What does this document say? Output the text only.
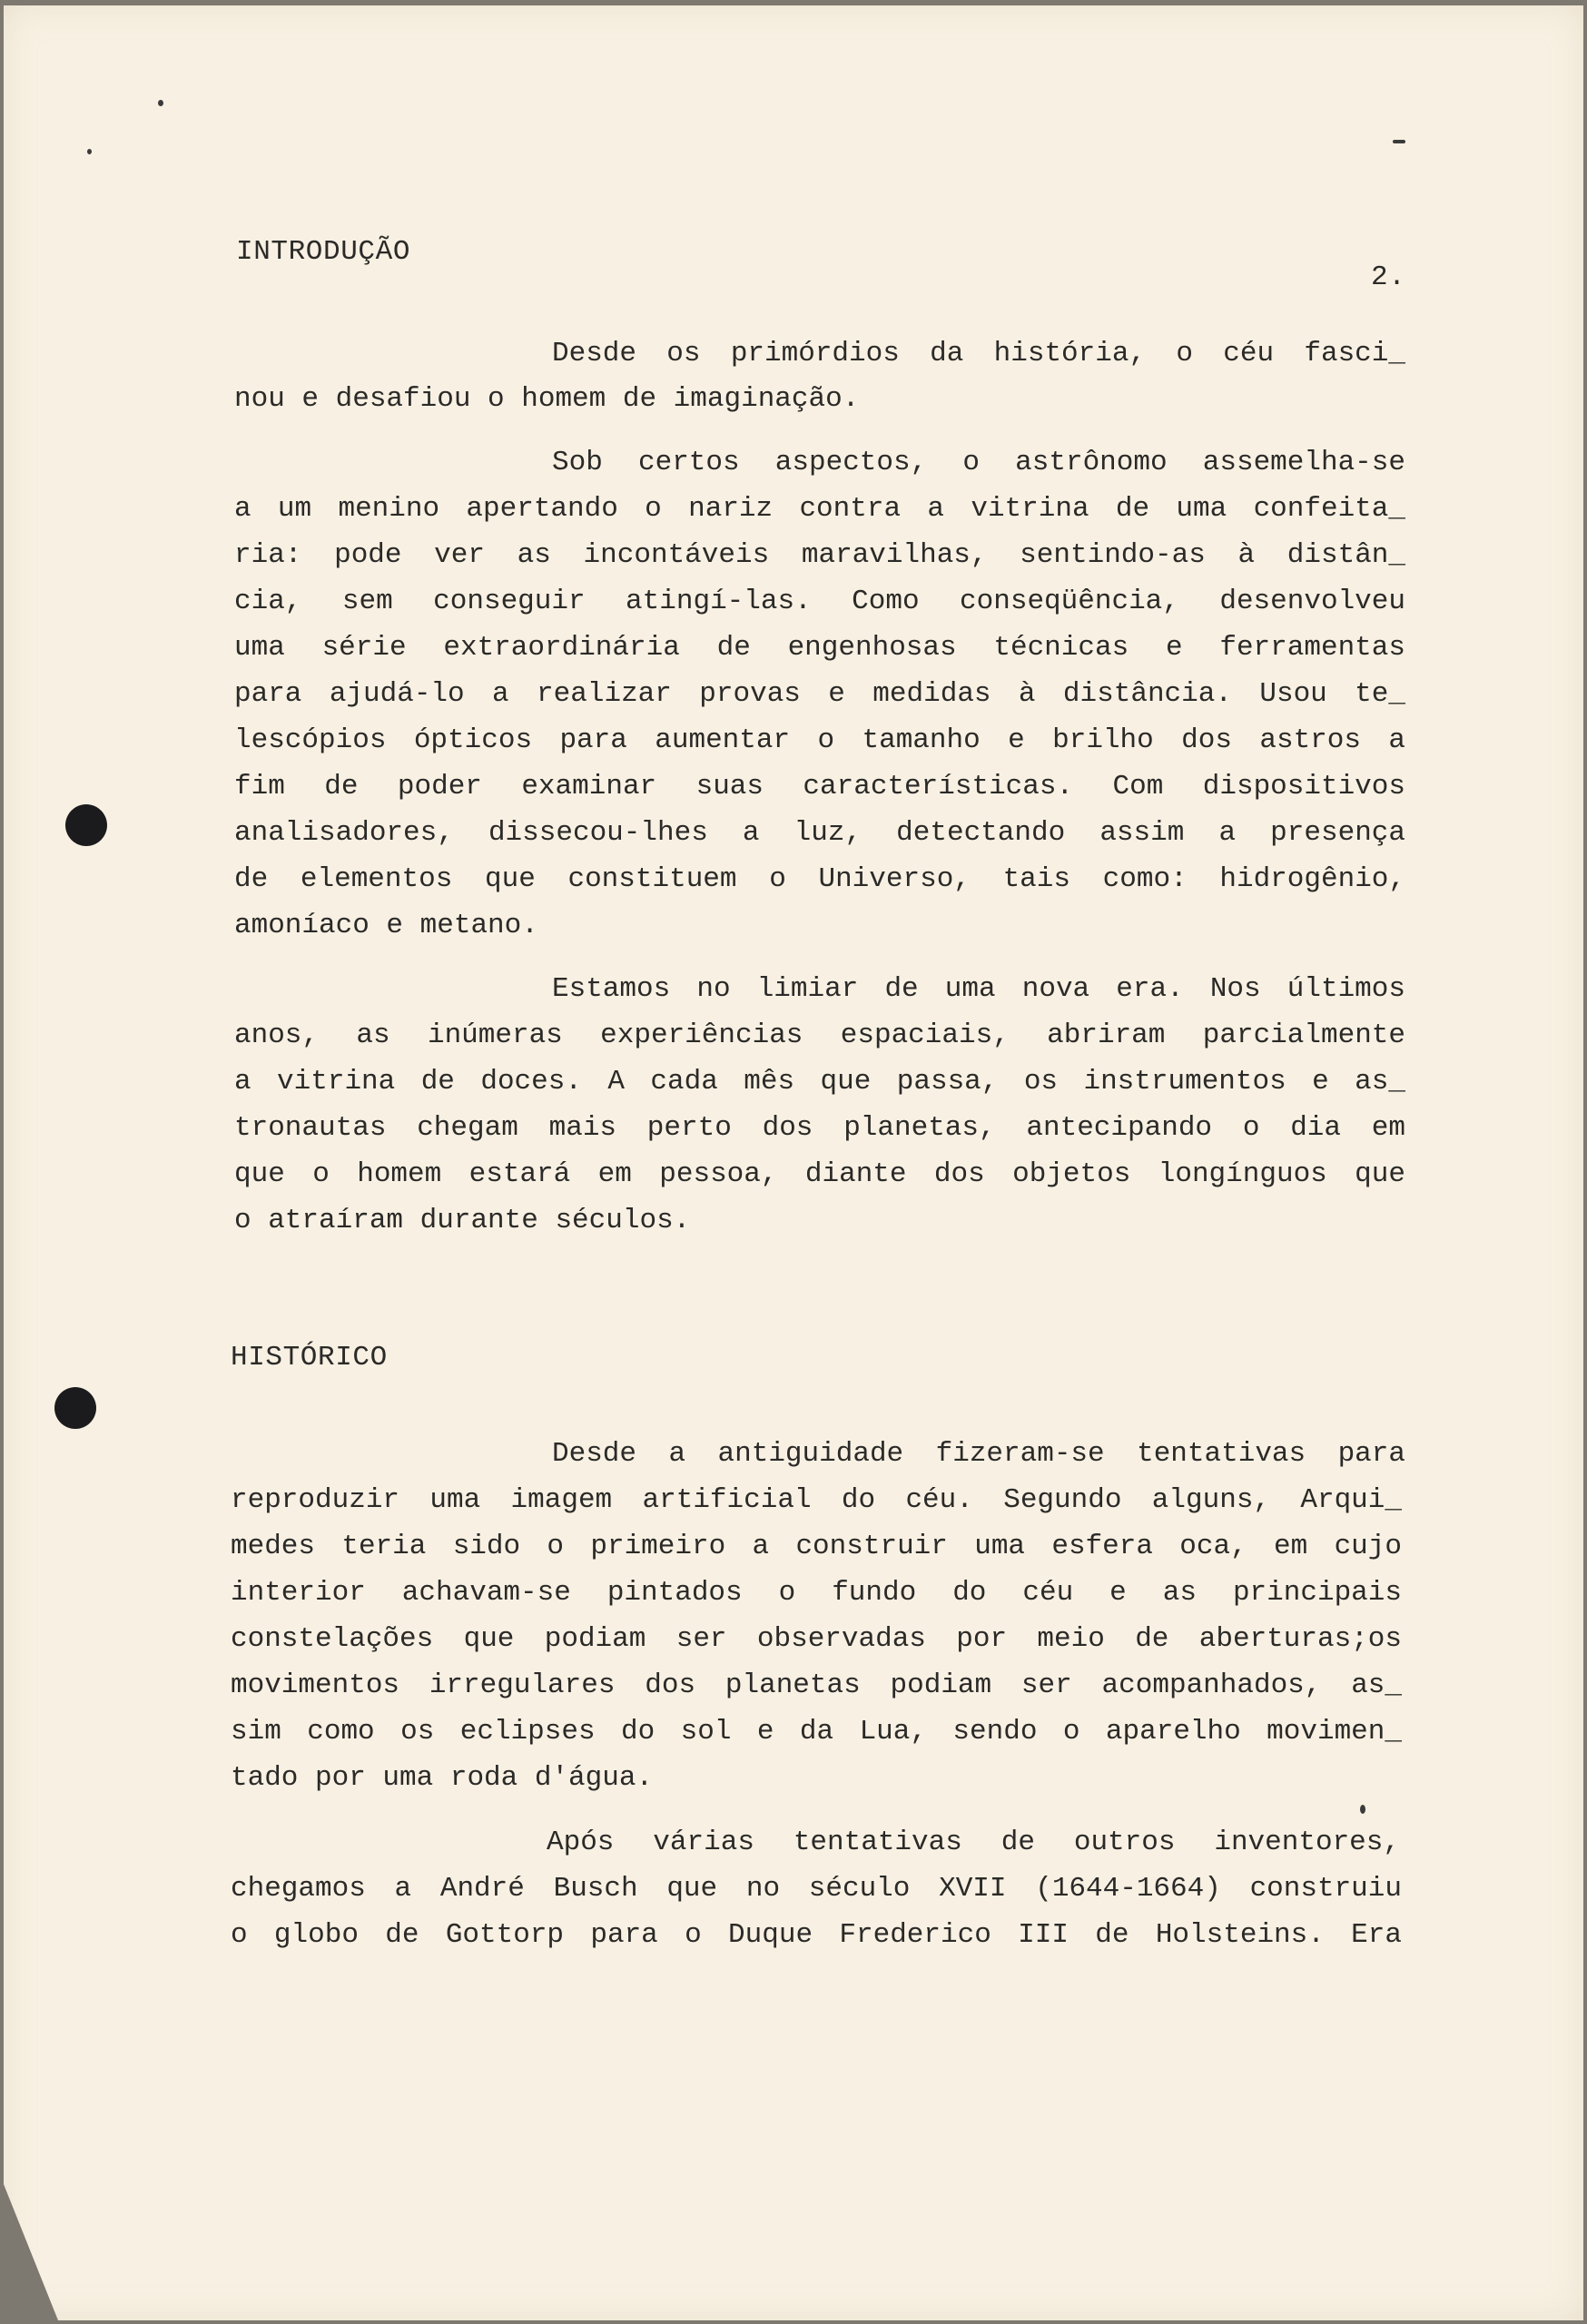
2.
INTRODUÇÃO
Desde os primórdios da história, o céu fasci_
nou e desafiou o homem de imaginação.
Sob certos aspectos, o astrônomo assemelha-se
a um menino apertando o nariz contra a vitrina de uma confeita_
ria: pode ver as incontáveis maravilhas, sentindo-as à distân_
cia, sem conseguir atingí-las. Como conseqüência, desenvolveu
uma série extraordinária de engenhosas técnicas e ferramentas
para ajudá-lo a realizar provas e medidas à distância. Usou te_
lescópios ópticos para aumentar o tamanho e brilho dos astros a
fim de poder examinar suas características. Com dispositivos
analisadores, dissecou-lhes a luz, detectando assim a presença
de elementos que constituem o Universo, tais como: hidrogênio,
amoníaco e metano.
Estamos no limiar de uma nova era. Nos últimos
anos, as inúmeras experiências espaciais, abriram parcialmente
a vitrina de doces. A cada mês que passa, os instrumentos e as_
tronautas chegam mais perto dos planetas, antecipando o dia em
que o homem estará em pessoa, diante dos objetos longínguos que
o atraíram durante séculos.
HISTÓRICO
Desde a antiguidade fizeram-se tentativas para
reproduzir uma imagem artificial do céu. Segundo alguns, Arqui_
medes teria sido o primeiro a construir uma esfera oca, em cujo
interior achavam-se pintados o fundo do céu e as principais
constelações que podiam ser observadas por meio de aberturas;os
movimentos irregulares dos planetas podiam ser acompanhados, as_
sim como os eclipses do sol e da Lua, sendo o aparelho movimen_
tado por uma roda d'água.
Após várias tentativas de outros inventores,
chegamos a André Busch que no século XVII (1644-1664) construiu
o globo de Gottorp para o Duque Frederico III de Holsteins. Era
